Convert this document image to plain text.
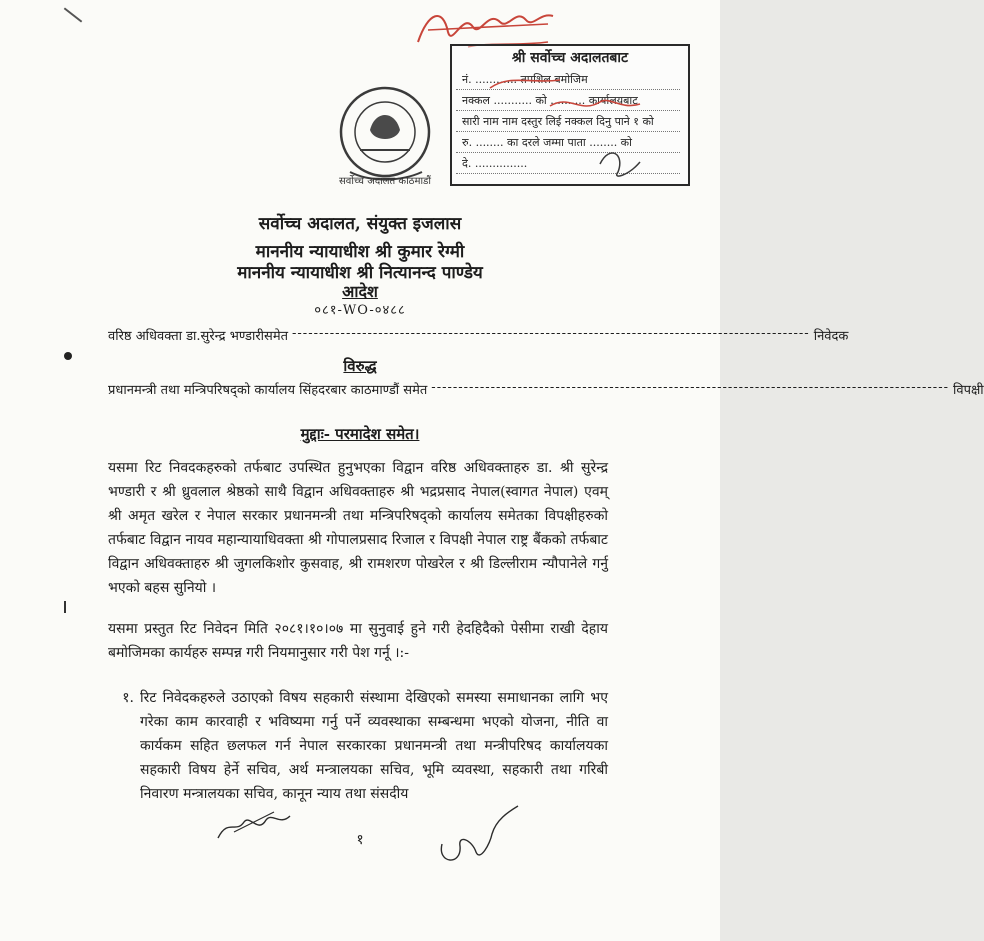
सर्वोच्च अदालत काठमाडौं
श्री सर्वोच्च अदालतबाट
नं. ............ तपशिल बमोजिम
नक्कल ........... को .......... कार्यालयबाट
सारी नाम नाम दस्तुर लिई नक्कल दिनु पाने १ को
रु. ........ का दरले जम्मा पाता ........ को
दे. ...............
सर्वोच्च अदालत, संयुक्त इजलास
माननीय न्यायाधीश श्री कुमार रेग्मी
माननीय न्यायाधीश श्री नित्यानन्द पाण्डेय
आदेश
०८१-WO-०४८८
वरिष्ठ अधिवक्ता डा.सुरेन्द्र भण्डारीसमेत ------------------------------------------------------------------------------------------------ निवेदक
विरुद्ध
प्रधानमन्त्री तथा मन्त्रिपरिषद्को कार्यालय सिंहदरबार काठमाण्डौं समेत ------------------------------------------------------------------------------------------------ विपक्षी
मुद्दाः- परमादेश समेत।
यसमा रिट निवदकहरुको तर्फबाट उपस्थित हुनुभएका विद्वान वरिष्ठ अधिवक्ताहरु डा. श्री सुरेन्द्र भण्डारी र श्री ध्रुवलाल श्रेष्ठको साथै विद्वान अधिवक्ताहरु श्री भद्रप्रसाद नेपाल(स्वागत नेपाल) एवम् श्री अमृत खरेल र नेपाल सरकार प्रधानमन्त्री तथा मन्त्रिपरिषद्को कार्यालय समेतका विपक्षीहरुको तर्फबाट विद्वान नायव महान्यायाधिवक्ता श्री गोपालप्रसाद रिजाल र विपक्षी नेपाल राष्ट्र बैंकको तर्फबाट विद्वान अधिवक्ताहरु श्री जुगलकिशोर कुसवाह, श्री रामशरण पोखरेल र श्री डिल्लीराम न्यौपानेले गर्नु भएको बहस सुनियो ।
यसमा प्रस्तुत रिट निवेदन मिति २०८१।१०।०७ मा सुनुवाई हुने गरी हेदहिदैको पेसीमा राखी देहाय बमोजिमका कार्यहरु सम्पन्न गरी नियमानुसार गरी पेश गर्नू ।:-
१. रिट निवेदकहरुले उठाएको विषय सहकारी संस्थामा देखिएको समस्या समाधानका लागि भए गरेका काम कारवाही र भविष्यमा गर्नु पर्ने व्यवस्थाका सम्बन्धमा भएको योजना, नीति वा कार्यकम सहित छलफल गर्न नेपाल सरकारका प्रधानमन्त्री तथा मन्त्रीपरिषद कार्यालयका सहकारी विषय हेर्ने सचिव, अर्थ मन्त्रालयका सचिव, भूमि व्यवस्था, सहकारी तथा गरिबी निवारण मन्त्रालयका सचिव, कानून न्याय तथा संसदीय
१
